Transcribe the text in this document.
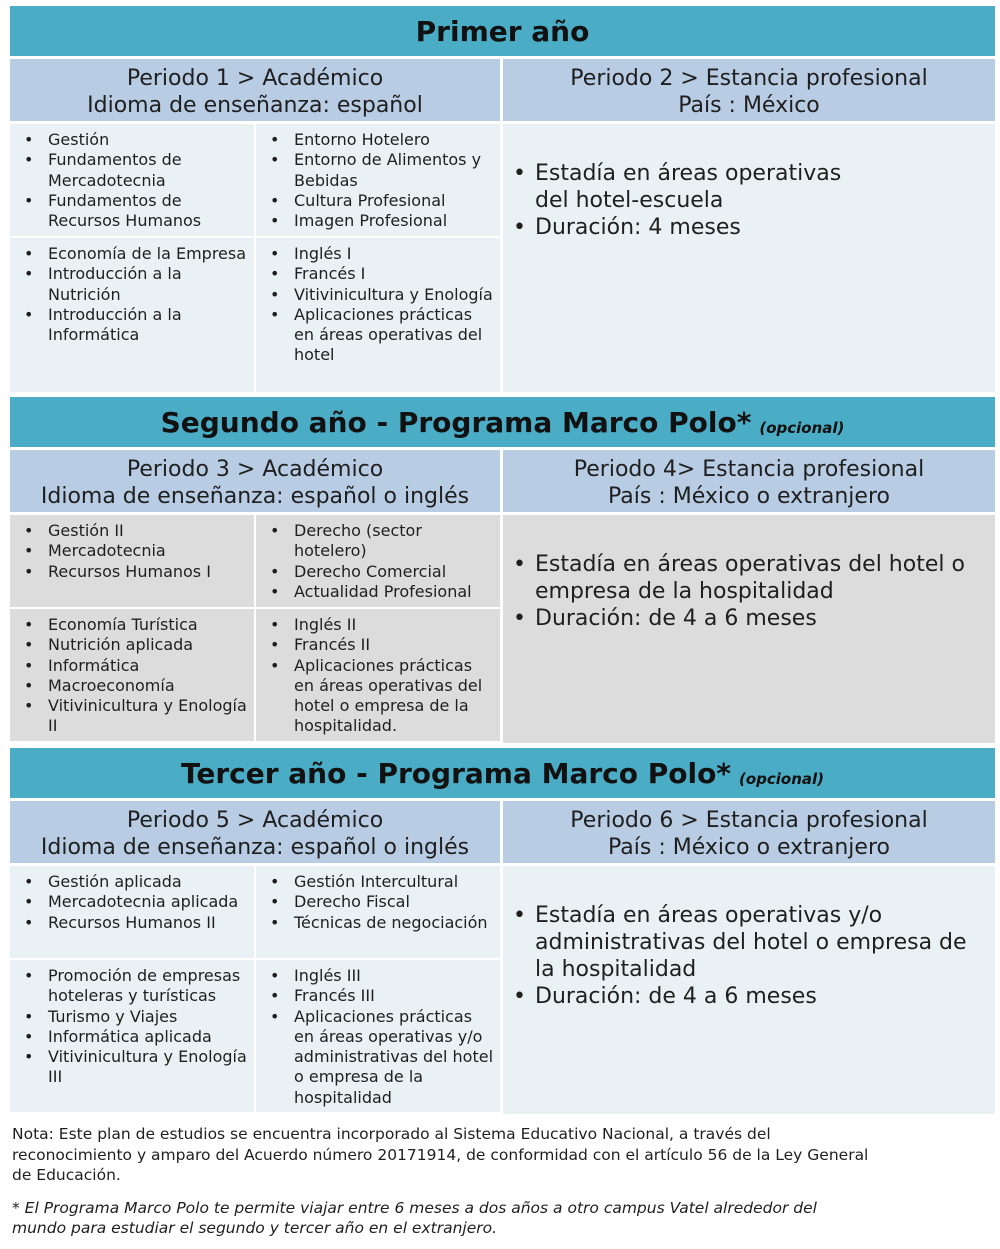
Primer año
Periodo 1 > Académico
Idioma de enseñanza: español
• Gestión
• Fundamentos de Mercadotecnia
• Fundamentos de Recursos Humanos
• Entorno Hotelero
• Entorno de Alimentos y Bebidas
• Cultura Profesional
• Imagen Profesional
• Economía de la Empresa
• Introducción a la Nutrición
• Introducción a la Informática
• Inglés I
• Francés I
• Vitivinicultura y Enología
• Aplicaciones prácticas en áreas operativas del hotel
Periodo 2 > Estancia profesional
País : México
• Estadía en áreas operativas del hotel-escuela
• Duración: 4 meses
Segundo año - Programa Marco Polo* (opcional)
Periodo 3 > Académico
Idioma de enseñanza: español o inglés
• Gestión II
• Mercadotecnia
• Recursos Humanos I
• Derecho (sector hotelero)
• Derecho Comercial
• Actualidad Profesional
• Economía Turística
• Nutrición aplicada
• Informática
• Macroeconomía
• Vitivinicultura y Enología II
• Inglés II
• Francés II
• Aplicaciones prácticas en áreas operativas del hotel o empresa de la hospitalidad.
Periodo 4> Estancia profesional
País : México o extranjero
• Estadía en áreas operativas del hotel o empresa de la hospitalidad
• Duración: de 4 a 6 meses
Tercer año - Programa Marco Polo* (opcional)
Periodo 5 > Académico
Idioma de enseñanza: español o inglés
• Gestión aplicada
• Mercadotecnia aplicada
• Recursos Humanos II
• Gestión Intercultural
• Derecho Fiscal
• Técnicas de negociación
• Promoción de empresas hoteleras y turísticas
• Turismo y Viajes
• Informática aplicada
• Vitivinicultura y Enología III
• Inglés III
• Francés III
• Aplicaciones prácticas en áreas operativas y/o administrativas del hotel o empresa de la hospitalidad
Periodo 6 > Estancia profesional
País : México o extranjero
• Estadía en áreas operativas y/o administrativas del hotel o empresa de la hospitalidad
• Duración: de 4 a 6 meses
Nota: Este plan de estudios se encuentra incorporado al Sistema Educativo Nacional, a través del reconocimiento y amparo del Acuerdo número 20171914, de conformidad con el artículo 56 de la Ley General de Educación.
* El Programa Marco Polo te permite viajar entre 6 meses a dos años a otro campus Vatel alrededor del mundo para estudiar el segundo y tercer año en el extranjero.
